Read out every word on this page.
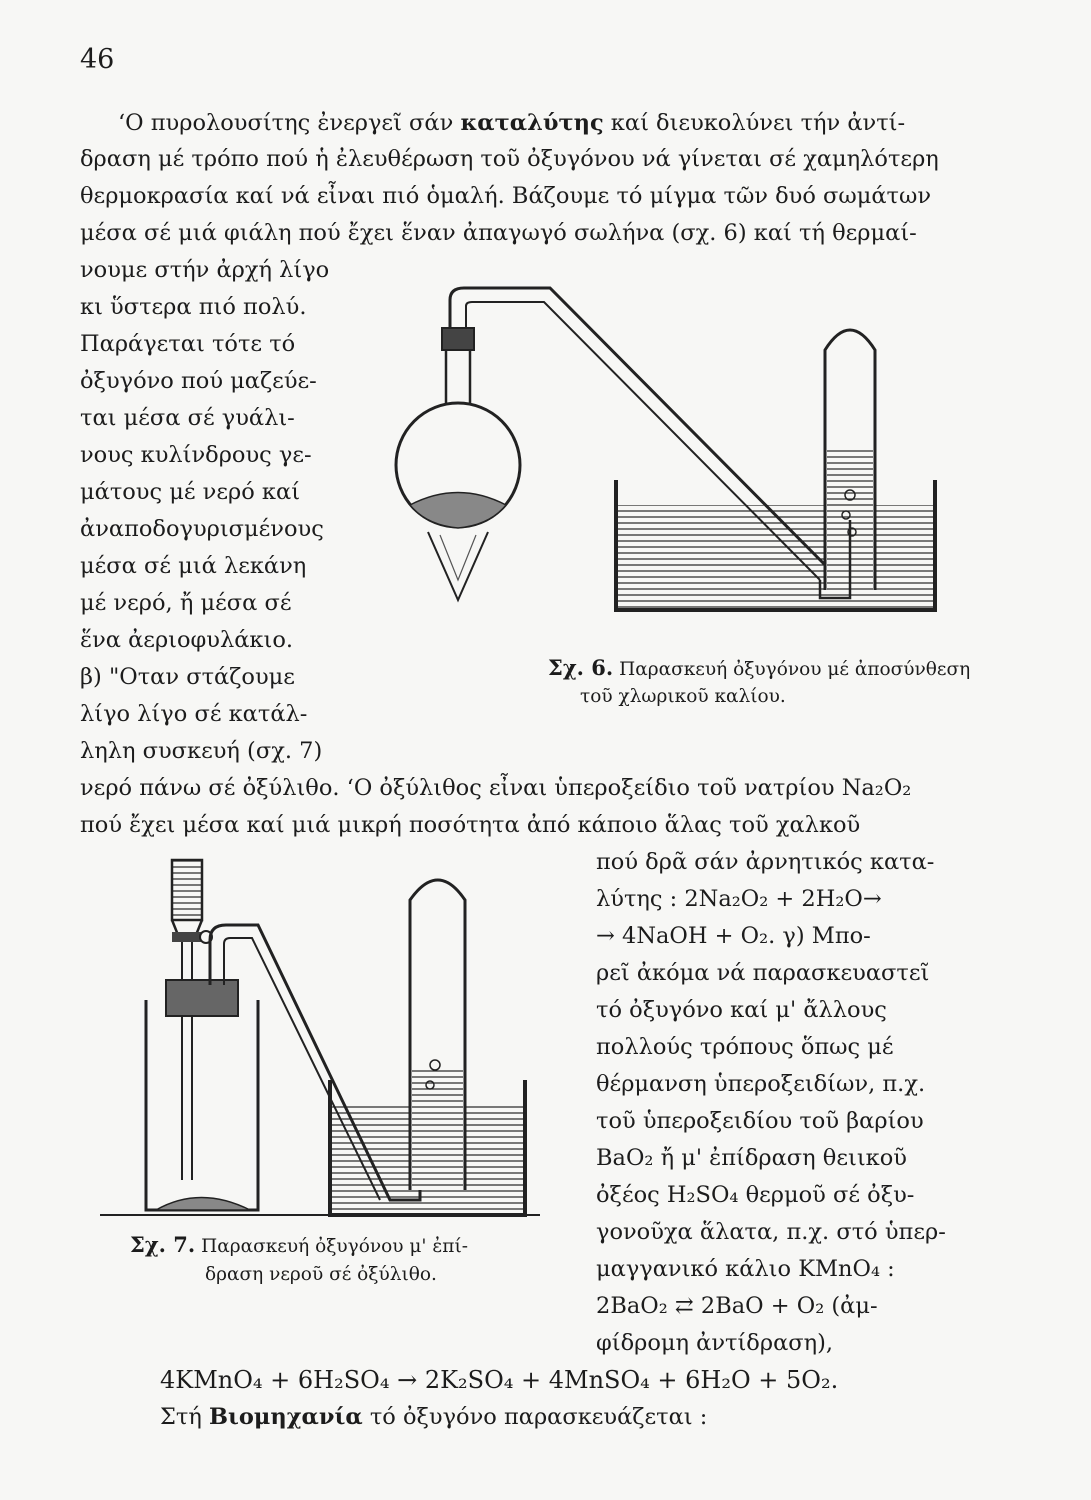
46
‘Ο πυρολουσίτης ἐνεργεῖ σάν καταλύτης καί διευκολύνει τήν ἀντί-
δραση μέ τρόπο πού ἡ ἐλευθέρωση τοῦ ὀξυγόνου νά γίνεται σέ χαμηλότερη
θερμοκρασία καί νά εἶναι πιό ὁμαλή. Βάζουμε τό μίγμα τῶν δυό σωμάτων
μέσα σέ μιά φιάλη πού ἔχει ἕναν ἀπαγωγό σωλήνα (σχ. 6) καί τή θερμαί-
νουμε στήν ἀρχή λίγο
κι ὕστερα πιό πολύ.
Παράγεται τότε τό
ὀξυγόνο πού μαζεύε-
ται μέσα σέ γυάλι-
νους κυλίνδρους γε-
μάτους μέ νερό καί
ἀναποδογυρισμένους
μέσα σέ μιά λεκάνη
μέ νερό, ἤ μέσα σέ
ἕνα ἀεριοφυλάκιο.
β) "Οταν στάζουμε
λίγο λίγο σέ κατάλ-
ληλη συσκευή (σχ. 7)
νερό πάνω σέ ὀξύλιθο. ‘Ο ὀξύλιθος εἶναι ὑπεροξείδιο τοῦ νατρίου Na₂O₂
πού ἔχει μέσα καί μιά μικρή ποσότητα ἀπό κάποιο ἅλας τοῦ χαλκοῦ
πού δρᾶ σάν ἀρνητικός κατα-
λύτης : 2Na₂O₂ + 2H₂O→
→ 4NaOH + O₂. γ) Μπο-
ρεῖ ἀκόμα νά παρασκευαστεῖ
τό ὀξυγόνο καί μ' ἄλλους
πολλούς τρόπους ὅπως μέ
θέρμανση ὑπεροξειδίων, π.χ.
τοῦ ὑπεροξειδίου τοῦ βαρίου
BaO₂ ἤ μ' ἐπίδραση θειικοῦ
ὀξέος H₂SO₄ θερμοῦ σέ ὀξυ-
γονοῦχα ἅλατα, π.χ. στό ὑπερ-
μαγγανικό κάλιο KMnO₄ :
2BaO₂ ⇄ 2BaO + O₂ (ἀμ-
φίδρομη ἀντίδραση),
4KMnO₄ + 6H₂SO₄ → 2K₂SO₄ + 4MnSO₄ + 6H₂O + 5O₂.
Στή Βιομηχανία τό ὀξυγόνο παρασκευάζεται :
Σχ. 6. Παρασκευή ὀξυγόνου μέ ἀποσύνθεση
τοῦ χλωρικοῦ καλίου.
Σχ. 7. Παρασκευή ὀξυγόνου μ' ἐπί-
δραση νεροῦ σέ ὀξύλιθο.
